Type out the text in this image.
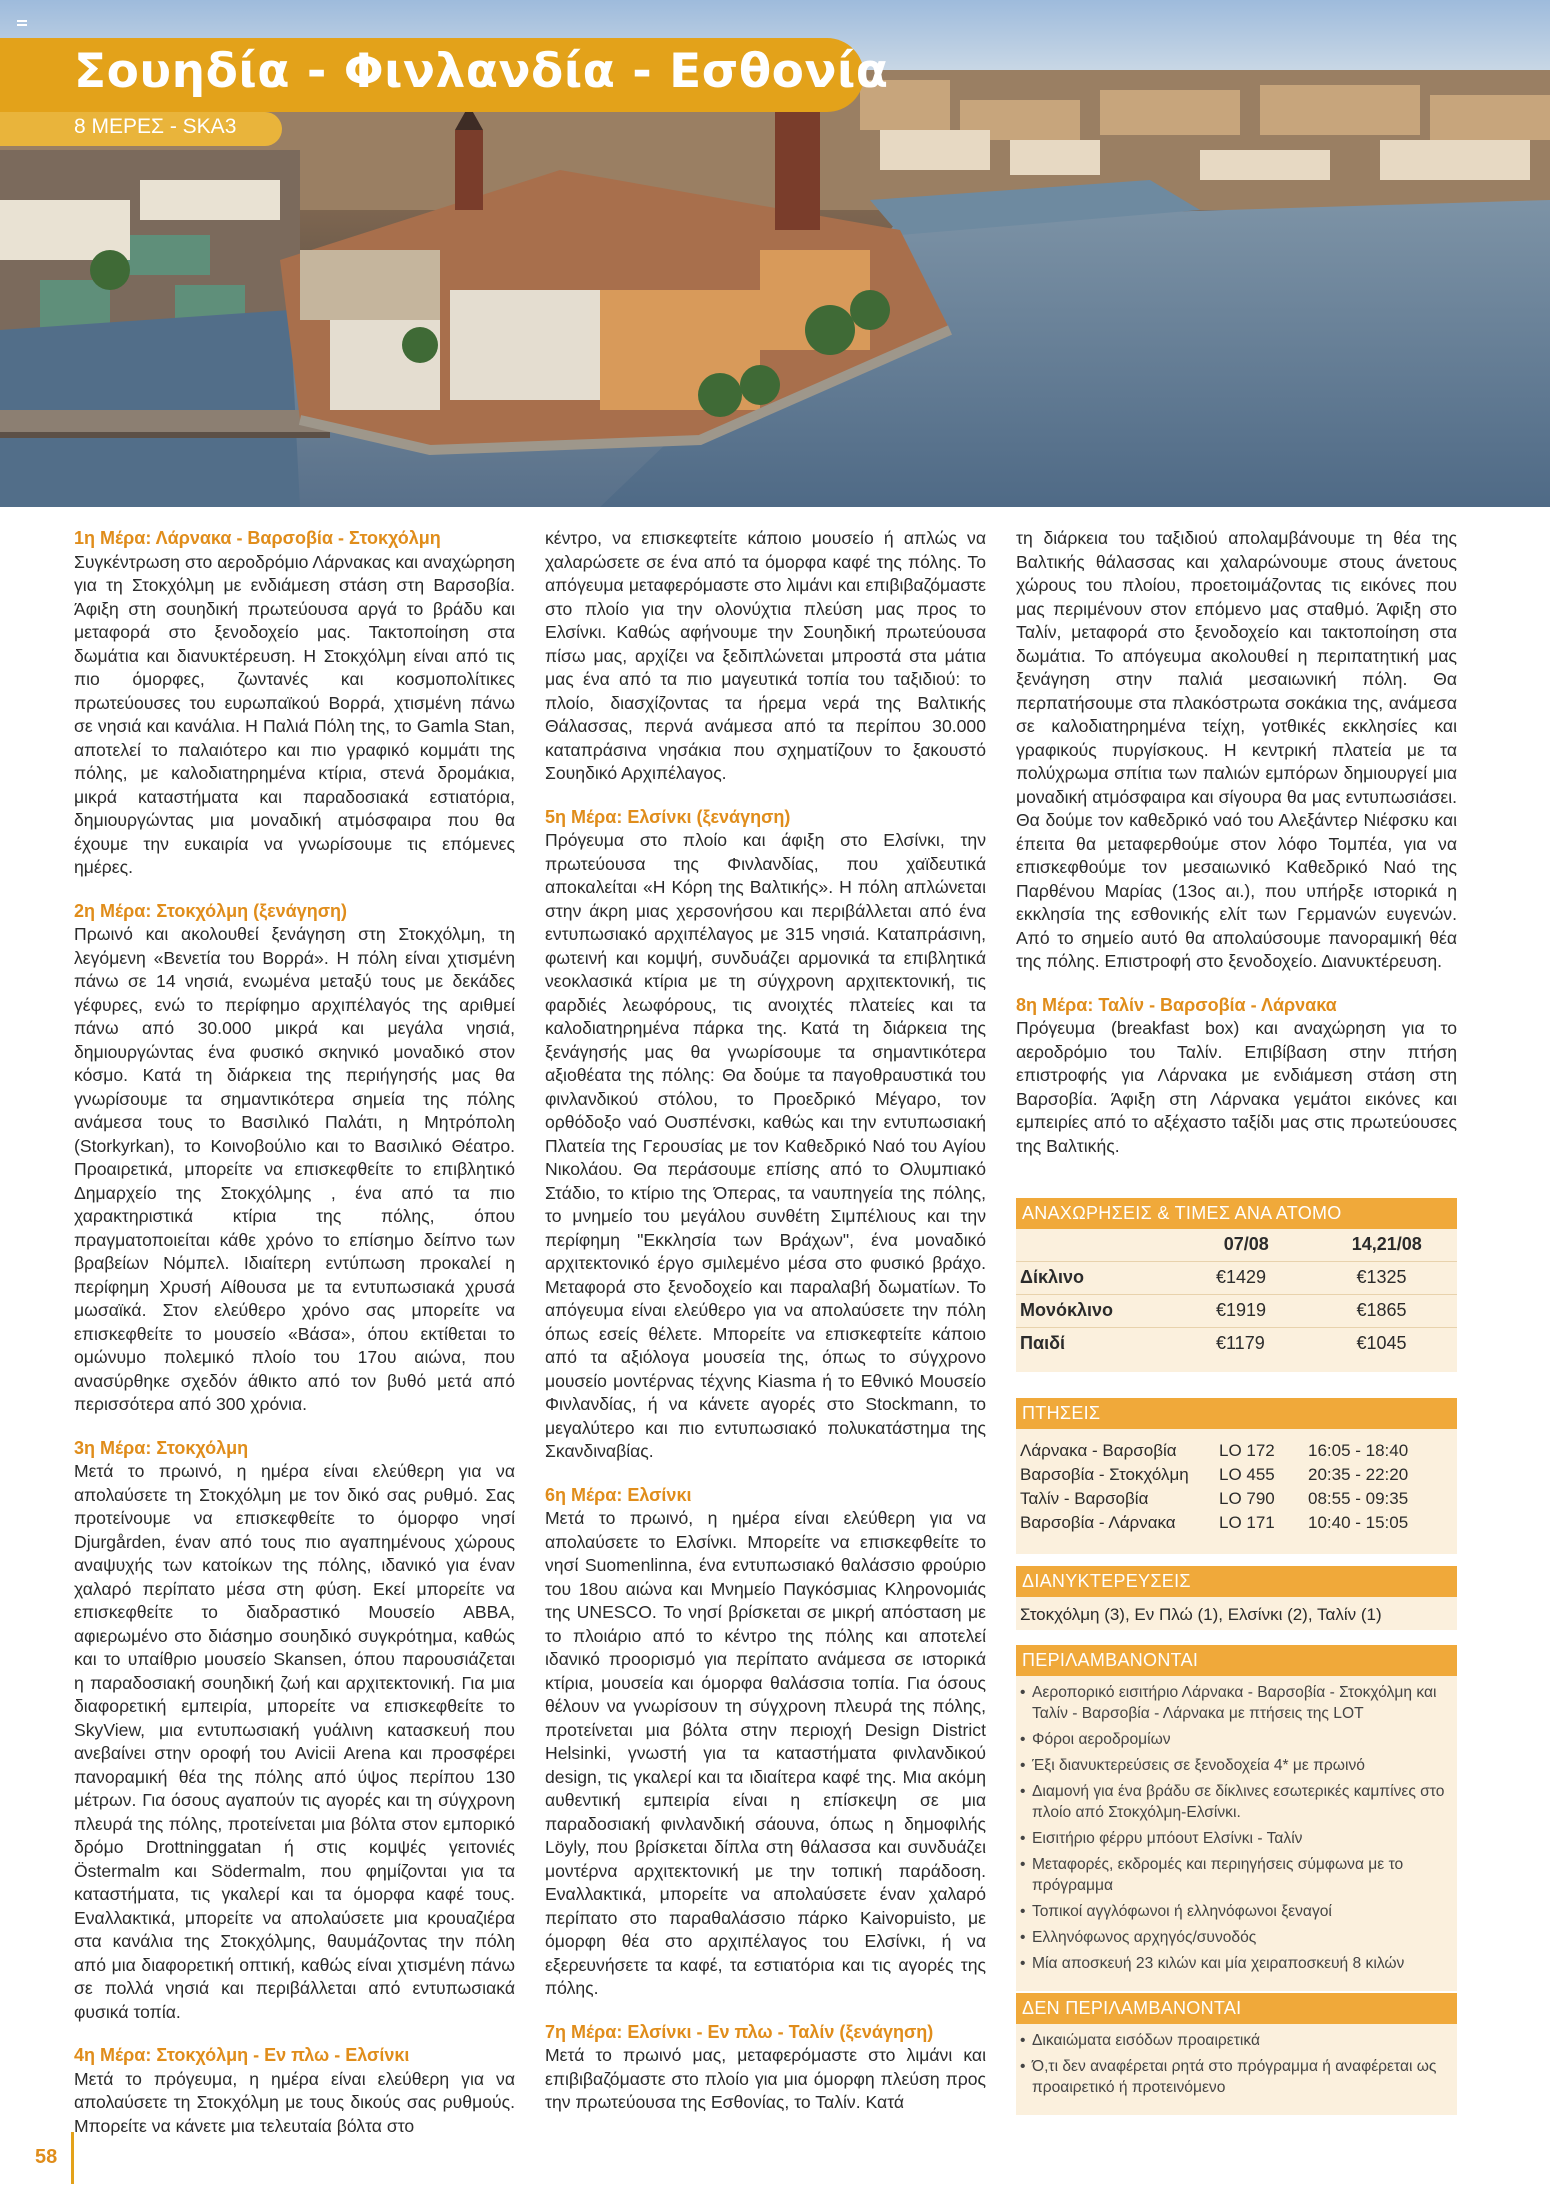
Σουηδία - Φινλανδία - Εσθονία
8 ΜΕΡΕΣ - SKA3
1η Μέρα: Λάρνακα - Βαρσοβία - Στοκχόλμη

Συγκέντρωση στο αεροδρόμιο Λάρνακας και αναχώρηση για τη Στοκχόλμη με ενδιάμεση στάση στη Βαρσοβία. Άφιξη στη σουηδική πρωτεύουσα αργά το βράδυ και μεταφορά στο ξενοδοχείο μας. Τακτοποίηση στα δωμάτια και διανυκτέρευση. Η Στοκχόλμη είναι από τις πιο όμορφες, ζωντανές και κοσμοπολίτικες πρωτεύουσες του ευρωπαϊκού Βορρά, χτισμένη πάνω σε νησιά και κανάλια. Η Παλιά Πόλη της, το Gamla Stan, αποτελεί το παλαιότερο και πιο γραφικό κομμάτι της πόλης, με καλοδιατηρημένα κτίρια, στενά δρομάκια, μικρά καταστήματα και παραδοσιακά εστιατόρια, δημιουργώντας μια μοναδική ατμόσφαιρα που θα έχουμε την ευκαιρία να γνωρίσουμε τις επόμενες ημέρες.

2η Μέρα: Στοκχόλμη (ξενάγηση)

Πρωινό και ακολουθεί ξενάγηση στη Στοκχόλμη, τη λεγόμενη «Βενετία του Βορρά». Η πόλη είναι χτισμένη πάνω σε 14 νησιά, ενωμένα μεταξύ τους με δεκάδες γέφυρες, ενώ το περίφημο αρχιπέλαγός της αριθμεί πάνω από 30.000 μικρά και μεγάλα νησιά, δημιουργώντας ένα φυσικό σκηνικό μοναδικό στον κόσμο. Κατά τη διάρκεια της περιήγησής μας θα γνωρίσουμε τα σημαντικότερα σημεία της πόλης ανάμεσα τους το Βασιλικό Παλάτι, η Μητρόπολη (Storkyrkan), το Κοινοβούλιο και το Βασιλικό Θέατρο. Προαιρετικά, μπορείτε να επισκεφθείτε το επιβλητικό Δημαρχείο της Στοκχόλμης , ένα από τα πιο χαρακτηριστικά κτίρια της πόλης, όπου πραγματοποιείται κάθε χρόνο το επίσημο δείπνο των βραβείων Νόμπελ. Ιδιαίτερη εντύπωση προκαλεί η περίφημη Χρυσή Αίθουσα με τα εντυπωσιακά χρυσά μωσαϊκά. Στον ελεύθερο χρόνο σας μπορείτε να επισκεφθείτε το μουσείο «Βάσα», όπου εκτίθεται το ομώνυμο πολεμικό πλοίο του 17ου αιώνα, που ανασύρθηκε σχεδόν άθικτο από τον βυθό μετά από περισσότερα από 300 χρόνια.

3η Μέρα: Στοκχόλμη

Μετά το πρωινό, η ημέρα είναι ελεύθερη για να απολαύσετε τη Στοκχόλμη με τον δικό σας ρυθμό. Σας προτείνουμε να επισκεφθείτε το όμορφο νησί Djurgården, έναν από τους πιο αγαπημένους χώρους αναψυχής των κατοίκων της πόλης, ιδανικό για έναν χαλαρό περίπατο μέσα στη φύση. Εκεί μπορείτε να επισκεφθείτε το διαδραστικό Μουσείο ABBA, αφιερωμένο στο διάσημο σουηδικό συγκρότημα, καθώς και το υπαίθριο μουσείο Skansen, όπου παρουσιάζεται η παραδοσιακή σουηδική ζωή και αρχιτεκτονική. Για μια διαφορετική εμπειρία, μπορείτε να επισκεφθείτε το SkyView, μια εντυπωσιακή γυάλινη κατασκευή που ανεβαίνει στην οροφή του Avicii Arena και προσφέρει πανοραμική θέα της πόλης από ύψος περίπου 130 μέτρων. Για όσους αγαπούν τις αγορές και τη σύγχρονη πλευρά της πόλης, προτείνεται μια βόλτα στον εμπορικό δρόμο Drottninggatan ή στις κομψές γειτονιές Östermalm και Södermalm, που φημίζονται για τα καταστήματα, τις γκαλερί και τα όμορφα καφέ τους. Εναλλακτικά, μπορείτε να απολαύσετε μια κρουαζιέρα στα κανάλια της Στοκχόλμης, θαυμάζοντας την πόλη από μια διαφορετική οπτική, καθώς είναι χτισμένη πάνω σε πολλά νησιά και περιβάλλεται από εντυπωσιακά φυσικά τοπία.

4η Μέρα: Στοκχόλμη - Εν πλω - Ελσίνκι

Μετά το πρόγευμα, η ημέρα είναι ελεύθερη για να απολαύσετε τη Στοκχόλμη με τους δικούς σας ρυθμούς. Μπορείτε να κάνετε μια τελευταία βόλτα στο

κέντρο, να επισκεφτείτε κάποιο μουσείο ή απλώς να χαλαρώσετε σε ένα από τα όμορφα καφέ της πόλης. Το απόγευμα μεταφερόμαστε στο λιμάνι και επιβιβαζόμαστε στο πλοίο για την ολονύχτια πλεύση μας προς το Ελσίνκι. Καθώς αφήνουμε την Σουηδική πρωτεύουσα πίσω μας, αρχίζει να ξεδιπλώνεται μπροστά στα μάτια μας ένα από τα πιο μαγευτικά τοπία του ταξιδιού: το πλοίο, διασχίζοντας τα ήρεμα νερά της Βαλτικής Θάλασσας, περνά ανάμεσα από τα περίπου 30.000 καταπράσινα νησάκια που σχηματίζουν το ξακουστό Σουηδικό Αρχιπέλαγος.

5η Μέρα: Ελσίνκι (ξενάγηση)

Πρόγευμα στο πλοίο και άφιξη στο Ελσίνκι, την πρωτεύουσα της Φινλανδίας, που χαϊδευτικά αποκαλείται «Η Κόρη της Βαλτικής». Η πόλη απλώνεται στην άκρη μιας χερσονήσου και περιβάλλεται από ένα εντυπωσιακό αρχιπέλαγος με 315 νησιά. Καταπράσινη, φωτεινή και κομψή, συνδυάζει αρμονικά τα επιβλητικά νεοκλασικά κτίρια με τη σύγχρονη αρχιτεκτονική, τις φαρδιές λεωφόρους, τις ανοιχτές πλατείες και τα καλοδιατηρημένα πάρκα της. Κατά τη διάρκεια της ξενάγησής μας θα γνωρίσουμε τα σημαντικότερα αξιοθέατα της πόλης: Θα δούμε τα παγοθραυστικά του φινλανδικού στόλου, το Προεδρικό Μέγαρο, τον ορθόδοξο ναό Ουσπένσκι, καθώς και την εντυπωσιακή Πλατεία της Γερουσίας με τον Καθεδρικό Ναό του Αγίου Νικολάου. Θα περάσουμε επίσης από το Ολυμπιακό Στάδιο, το κτίριο της Όπερας, τα ναυπηγεία της πόλης, το μνημείο του μεγάλου συνθέτη Σιμπέλιους και την περίφημη "Εκκλησία των Βράχων", ένα μοναδικό αρχιτεκτονικό έργο σμιλεμένο μέσα στο φυσικό βράχο. Μεταφορά στο ξενοδοχείο και παραλαβή δωματίων. Το απόγευμα είναι ελεύθερο για να απολαύσετε την πόλη όπως εσείς θέλετε. Μπορείτε να επισκεφτείτε κάποιο από τα αξιόλογα μουσεία της, όπως το σύγχρονο μουσείο μοντέρνας τέχνης Kiasma ή το Εθνικό Μουσείο Φινλανδίας, ή να κάνετε αγορές στο Stockmann, το μεγαλύτερο και πιο εντυπωσιακό πολυκατάστημα της Σκανδιναβίας.

6η Μέρα: Ελσίνκι

Μετά το πρωινό, η ημέρα είναι ελεύθερη για να απολαύσετε το Ελσίνκι. Μπορείτε να επισκεφθείτε το νησί Suomenlinna, ένα εντυπωσιακό θαλάσσιο φρούριο του 18ου αιώνα και Μνημείο Παγκόσμιας Κληρονομιάς της UNESCO. Το νησί βρίσκεται σε μικρή απόσταση με το πλοιάριο από το κέντρο της πόλης και αποτελεί ιδανικό προορισμό για περίπατο ανάμεσα σε ιστορικά κτίρια, μουσεία και όμορφα θαλάσσια τοπία. Για όσους θέλουν να γνωρίσουν τη σύγχρονη πλευρά της πόλης, προτείνεται μια βόλτα στην περιοχή Design District Helsinki, γνωστή για τα καταστήματα φινλανδικού design, τις γκαλερί και τα ιδιαίτερα καφέ της. Μια ακόμη αυθεντική εμπειρία είναι η επίσκεψη σε μια παραδοσιακή φινλανδική σάουνα, όπως η δημοφιλής Löyly, που βρίσκεται δίπλα στη θάλασσα και συνδυάζει μοντέρνα αρχιτεκτονική με την τοπική παράδοση. Εναλλακτικά, μπορείτε να απολαύσετε έναν χαλαρό περίπατο στο παραθαλάσσιο πάρκο Kaivopuisto, με όμορφη θέα στο αρχιπέλαγος του Ελσίνκι, ή να εξερευνήσετε τα καφέ, τα εστιατόρια και τις αγορές της πόλης.

7η Μέρα: Ελσίνκι - Εν πλω - Ταλίν (ξενάγηση)

Μετά το πρωινό μας, μεταφερόμαστε στο λιμάνι και επιβιβαζόμαστε στο πλοίο για μια όμορφη πλεύση προς την πρωτεύουσα της Εσθονίας, το Ταλίν. Κατά

τη διάρκεια του ταξιδιού απολαμβάνουμε τη θέα της Βαλτικής θάλασσας και χαλαρώνουμε στους άνετους χώρους του πλοίου, προετοιμάζοντας τις εικόνες που μας περιμένουν στον επόμενο μας σταθμό. Άφιξη στο Ταλίν, μεταφορά στο ξενοδοχείο και τακτοποίηση στα δωμάτια. Το απόγευμα ακολουθεί η περιπατητική μας ξενάγηση στην παλιά μεσαιωνική πόλη. Θα περπατήσουμε στα πλακόστρωτα σοκάκια της, ανάμεσα σε καλοδιατηρημένα τείχη, γοτθικές εκκλησίες και γραφικούς πυργίσκους. Η κεντρική πλατεία με τα πολύχρωμα σπίτια των παλιών εμπόρων δημιουργεί μια μοναδική ατμόσφαιρα και σίγουρα θα μας εντυπωσιάσει. Θα δούμε τον καθεδρικό ναό του Αλεξάντερ Νιέφσκυ και έπειτα θα μεταφερθούμε στον λόφο Τομπέα, για να επισκεφθούμε τον μεσαιωνικό Καθεδρικό Ναό της Παρθένου Μαρίας (13ος αι.), που υπήρξε ιστορικά η εκκλησία της εσθονικής ελίτ των Γερμανών ευγενών. Από το σημείο αυτό θα απολαύσουμε πανοραμική θέα της πόλης. Επιστροφή στο ξενοδοχείο. Διανυκτέρευση.

8η Μέρα: Ταλίν - Βαρσοβία - Λάρνακα

Πρόγευμα (breakfast box) και αναχώρηση για το αεροδρόμιο του Ταλίν. Επιβίβαση στην πτήση επιστροφής για Λάρνακα με ενδιάμεση στάση στη Βαρσοβία. Άφιξη στη Λάρνακα γεμάτοι εικόνες και εμπειρίες από το αξέχαστο ταξίδι μας στις πρωτεύουσες της Βαλτικής.

ΑΝΑΧΩΡΗΣΕΙΣ & ΤΙΜΕΣ ΑΝΑ ΑΤΟΜΟ
	07/08	14,21/08
Δίκλινο	€1429	€1325
Μονόκλινο	€1919	€1865
Παιδί	€1179	€1045
ΠΤΗΣΕΙΣ
Λάρνακα - Βαρσοβία	LO 172	16:05 - 18:40
Βαρσοβία - Στοκχόλμη	LO 455	20:35 - 22:20
Ταλίν - Βαρσοβία	LO 790	08:55 - 09:35
Βαρσοβία - Λάρνακα	LO 171	10:40 - 15:05
ΔΙΑΝΥΚΤΕΡΕΥΣΕΙΣ
Στοκχόλμη (3), Εν Πλώ (1), Ελσίνκι (2), Ταλίν (1)
ΠΕΡΙΛΑΜΒΑΝΟΝΤΑΙ
• Αεροπορικό εισιτήριο Λάρνακα - Βαρσοβία - Στοκχόλμη και Ταλίν - Βαρσοβία - Λάρνακα με πτήσεις της LOT
• Φόροι αεροδρομίων
• Έξι διανυκτερεύσεις σε ξενοδοχεία 4* με πρωινό
• Διαμονή για ένα βράδυ σε δίκλινες εσωτερικές καμπίνες στο πλοίο από Στοκχόλμη-Ελσίνκι.
• Εισιτήριο φέρρυ μπόουτ Ελσίνκι - Ταλίν
• Μεταφορές, εκδρομές και περιηγήσεις σύμφωνα με το πρόγραμμα
• Τοπικοί αγγλόφωνοι ή ελληνόφωνοι ξεναγοί
• Ελληνόφωνος αρχηγός/συνοδός
• Μία αποσκευή 23 κιλών και μία χειραποσκευή 8 κιλών
ΔΕΝ ΠΕΡΙΛΑΜΒΑΝΟΝΤΑΙ
• Δικαιώματα εισόδων προαιρετικά
• Ό,τι δεν αναφέρεται ρητά στο πρόγραμμα ή αναφέρεται ως προαιρετικό ή προτεινόμενο
58
